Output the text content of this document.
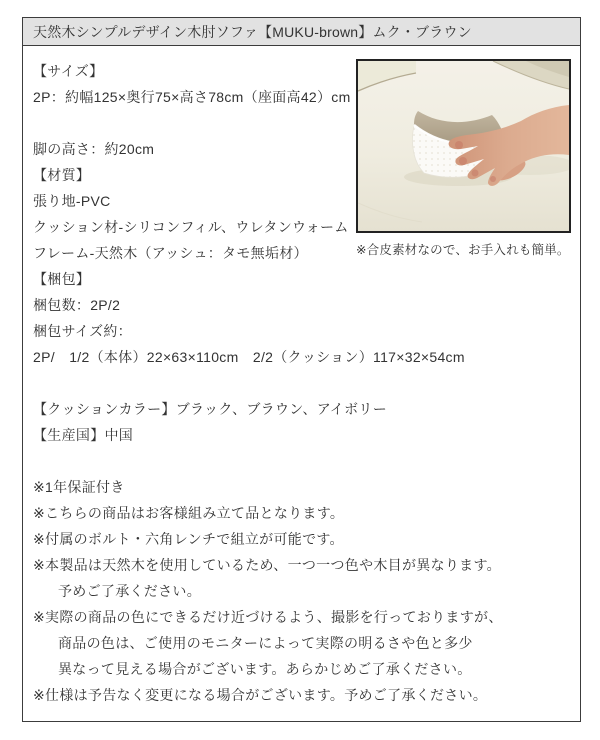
天然木シンプルデザイン木肘ソファ【MUKU-brown】ムク・ブラウン
【サイズ】
2P：約幅125×奥行75×高さ78cm（座面高42）cm
脚の高さ：約20cm
【材質】
張り地-PVC
クッション材-シリコンフィル、ウレタンウォーム
フレーム-天然木（アッシュ：タモ無垢材）
【梱包】
梱包数：2P/2
梱包サイズ約：
2P/　1/2（本体）22×63×110cm　2/2（クッション）117×32×54cm
【クッションカラー】ブラック、ブラウン、アイボリー
【生産国】中国
※1年保証付き
※こちらの商品はお客様組み立て品となります。
※付属のボルト・六角レンチで組立が可能です。
※本製品は天然木を使用しているため、一つ一つ色や木目が異なります。
予めご了承ください。
※実際の商品の色にできるだけ近づけるよう、撮影を行っておりますが、
商品の色は、ご使用のモニターによって実際の明るさや色と多少
異なって見える場合がございます。あらかじめご了承ください。
※仕様は予告なく変更になる場合がございます。予めご了承ください。
※合皮素材なので、お手入れも簡単。
